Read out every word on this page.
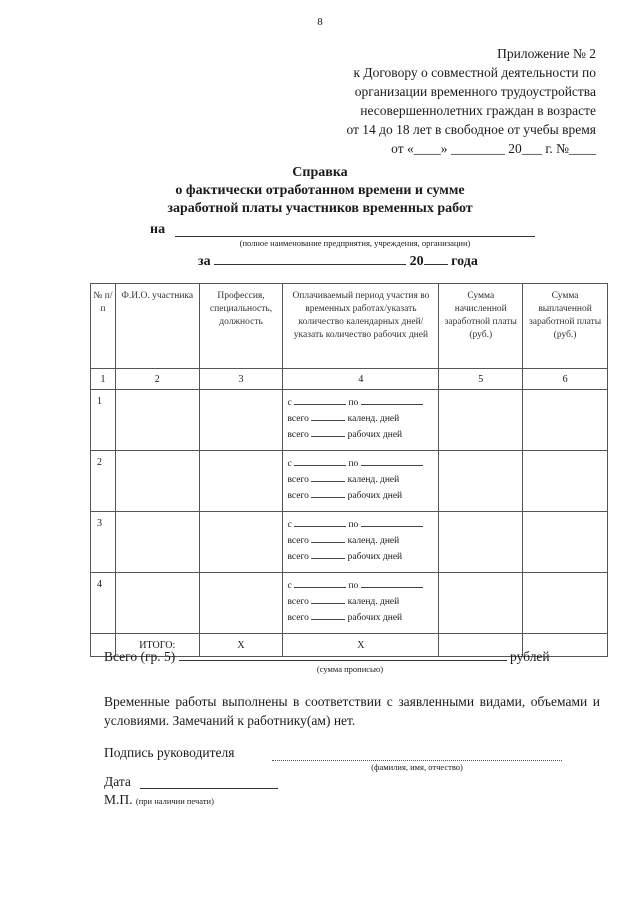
8
Приложение № 2
к Договору о совместной деятельности по
организации временного трудоустройства
несовершеннолетних граждан в возрасте
от 14 до 18 лет в свободное от учебы время
от «____» ________ 20___ г. №____
Справка
о фактически отработанном времени и сумме
заработной платы участников временных работ
на
(полное наименование предприятия, учреждения, организации)
за	20 года
№ п/п	Ф.И.О. участника	Профессия, специальность, должность	Оплачиваемый период участия во временных работах/указать количество календарных дней/указать количество рабочих дней	Сумма начисленной заработной платы (руб.)	Сумма выплаченной заработной платы (руб.)
1	2	3	4	5	6
1			с по
всего календ. дней
всего рабочих дней		

2			с по
всего календ. дней
всего рабочих дней		

3			с по
всего календ. дней
всего рабочих дней		

4			с по
всего календ. дней
всего рабочих дней		

	ИТОГО:	Х	Х		
Всего (гр. 5)	рублей
(сумма прописью)

Временные работы выполнены в соответствии с заявленными видами, объемами и условиями. Замечаний к работнику(ам) нет.

Подпись руководителя
(фамилия, имя, отчество)
Дата
М.П. (при наличии печати)
